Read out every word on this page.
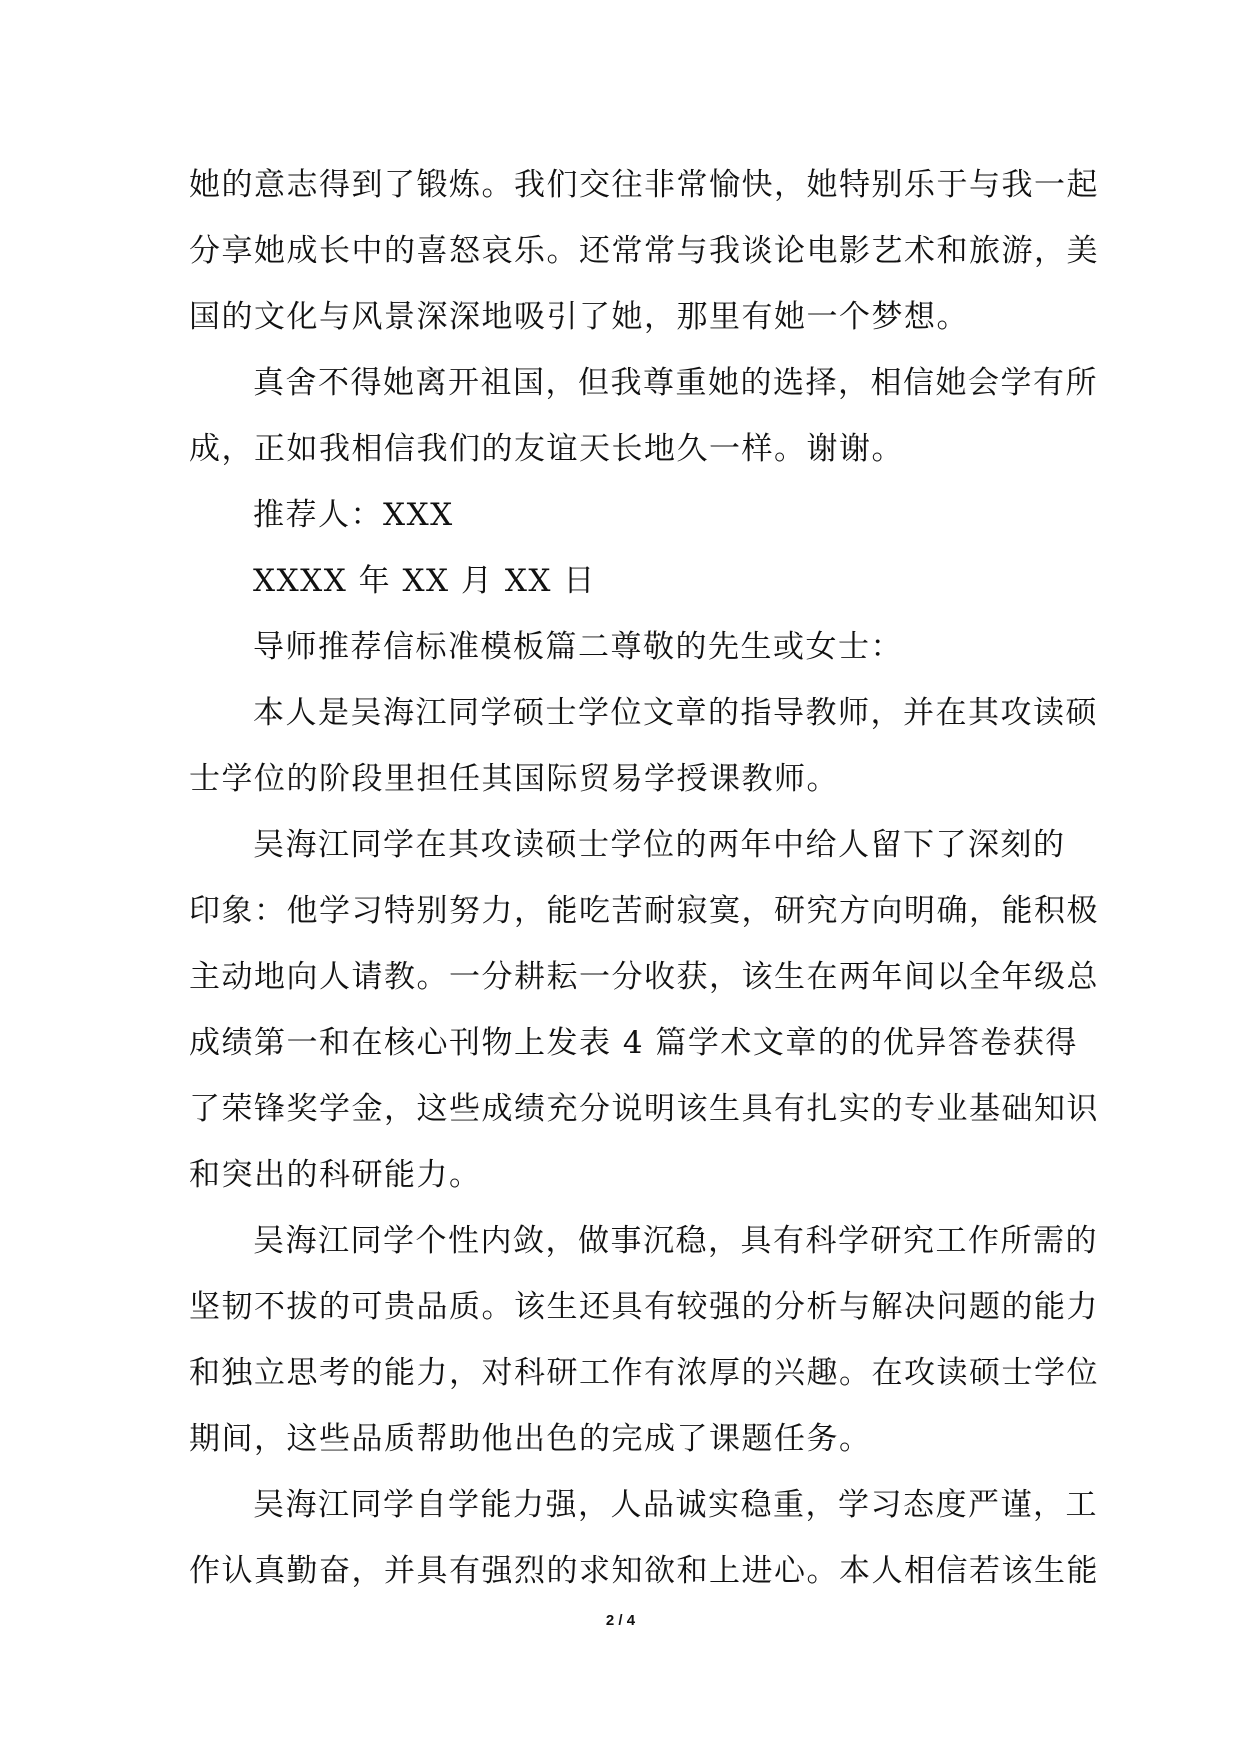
她的意志得到了锻炼。我们交往非常愉快，她特别乐于与我一起
分享她成长中的喜怒哀乐。还常常与我谈论电影艺术和旅游，美
国的文化与风景深深地吸引了她，那里有她一个梦想。
真舍不得她离开祖国，但我尊重她的选择，相信她会学有所
成，正如我相信我们的友谊天长地久一样。谢谢。
推荐人：XXX
XXXX 年 XX 月 XX 日
导师推荐信标准模板篇二尊敬的先生或女士：
本人是吴海江同学硕士学位文章的指导教师，并在其攻读硕
士学位的阶段里担任其国际贸易学授课教师。
吴海江同学在其攻读硕士学位的两年中给人留下了深刻的
印象：他学习特别努力，能吃苦耐寂寞，研究方向明确，能积极
主动地向人请教。一分耕耘一分收获，该生在两年间以全年级总
成绩第一和在核心刊物上发表 4 篇学术文章的的优异答卷获得
了荣锋奖学金，这些成绩充分说明该生具有扎实的专业基础知识
和突出的科研能力。
吴海江同学个性内敛，做事沉稳，具有科学研究工作所需的
坚韧不拔的可贵品质。该生还具有较强的分析与解决问题的能力
和独立思考的能力，对科研工作有浓厚的兴趣。在攻读硕士学位
期间，这些品质帮助他出色的完成了课题任务。
吴海江同学自学能力强，人品诚实稳重，学习态度严谨，工
作认真勤奋，并具有强烈的求知欲和上进心。本人相信若该生能
2 / 4
